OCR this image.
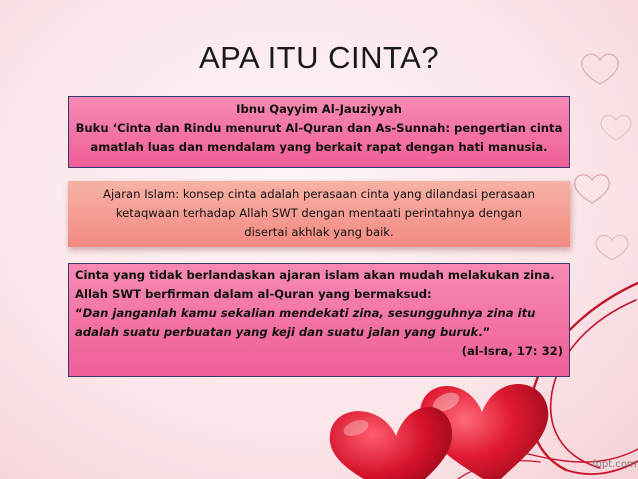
APA ITU CINTA?
Ibnu Qayyim Al-Jauziyyah
Buku ‘Cinta dan Rindu menurut Al-Quran dan As-Sunnah: pengertian cinta
amatlah luas dan mendalam yang berkait rapat dengan hati manusia.
Ajaran Islam: konsep cinta adalah perasaan cinta yang dilandasi perasaan
ketaqwaan terhadap Allah SWT dengan mentaati perintahnya dengan
disertai akhlak yang baik.
Cinta yang tidak berlandaskan ajaran islam akan mudah melakukan zina.
Allah SWT berfirman dalam al-Quran yang bermaksud:
“Dan janganlah kamu sekalian mendekati zina, sesungguhnya zina itu
adalah suatu perbuatan yang keji dan suatu jalan yang buruk.”
(al-Isra, 17: 32)
fppt.com
